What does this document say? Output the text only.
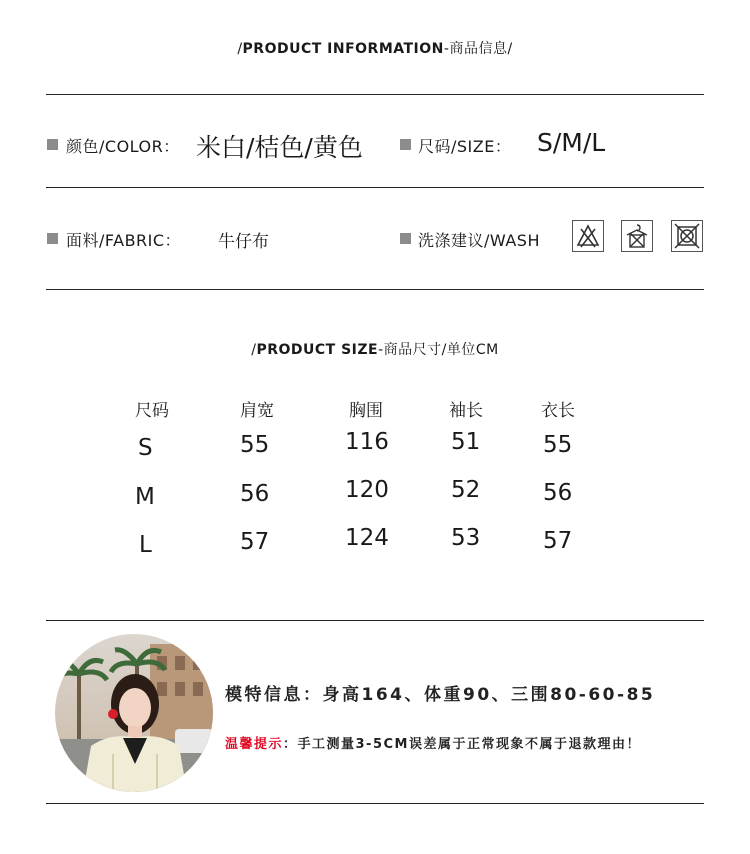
/PRODUCT INFORMATION-商品信息/
颜色/COLOR： 米白/桔色/黄色	尺码/SIZE： S/M/L
面料/FABRIC： 牛仔布	洗涤建议/WASH
/PRODUCT SIZE-商品尺寸/单位CM
尺码	肩宽	胸围	袖长	衣长
S	55	116	51	55
M	56	120	52	56
L	57	124	53	57
模特信息：身高164、体重90、三围80-60-85
温馨提示：手工测量3-5CM误差属于正常现象不属于退款理由！
